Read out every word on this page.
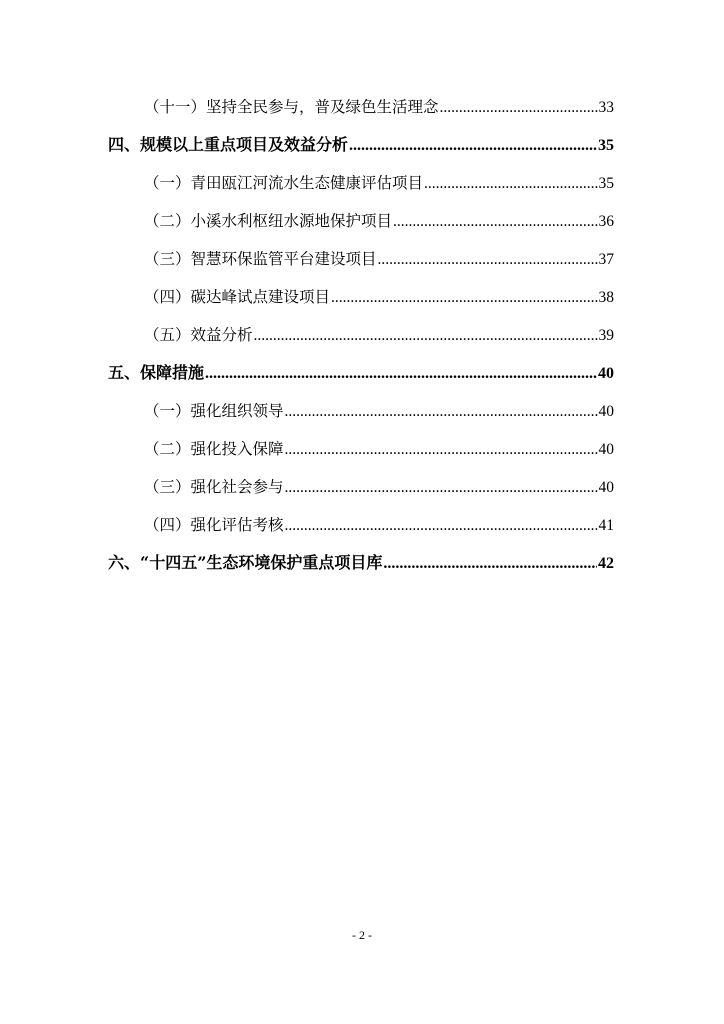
（十一）坚持全民参与，普及绿色生活理念 .....	33
四、规模以上重点项目及效益分析 .....	35
（一）青田瓯江河流水生态健康评估项目 .....	35
（二）小溪水利枢纽水源地保护项目 .....	36
（三）智慧环保监管平台建设项目 .....	37
（四）碳达峰试点建设项目 .....	38
（五）效益分析 .....	39
五、保障措施 .....	40
（一）强化组织领导 .....	40
（二）强化投入保障 .....	40
（三）强化社会参与 .....	40
（四）强化评估考核 .....	41
六、“十四五”生态环境保护重点项目库 .....	42
- 2 -
